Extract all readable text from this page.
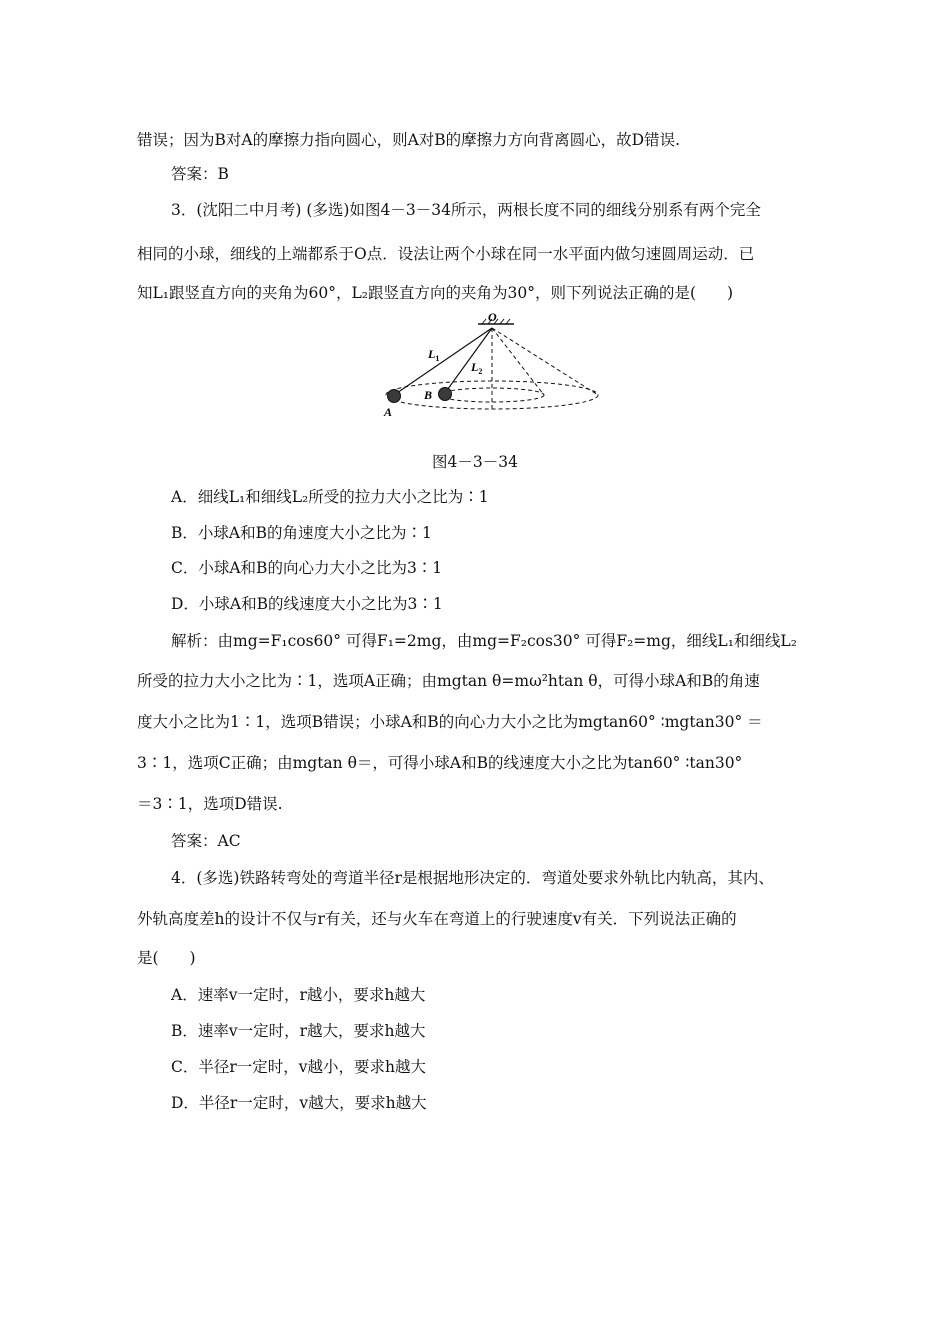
错误；因为B对A的摩擦力指向圆心，则A对B的摩擦力方向背离圆心，故D错误.
答案：B
3．(沈阳二中月考) (多选)如图4－3－34所示，两根长度不同的细线分别系有两个完全
相同的小球，细线的上端都系于O点．设法让两个小球在同一水平面内做匀速圆周运动．已
知L₁跟竖直方向的夹角为60°，L₂跟竖直方向的夹角为30°，则下列说法正确的是(　　)
O
$L_1$
$L_2$
A
B
图4－3－34
A．细线L₁和细线L₂所受的拉力大小之比为∶1
B．小球A和B的角速度大小之比为∶1
C．小球A和B的向心力大小之比为3∶1
D．小球A和B的线速度大小之比为3∶1
解析：由mg=F₁cos60° 可得F₁=2mg，由mg=F₂cos30° 可得F₂=mg，细线L₁和细线L₂
所受的拉力大小之比为∶1，选项A正确；由mgtan θ=mω²htan θ，可得小球A和B的角速
度大小之比为1∶1，选项B错误；小球A和B的向心力大小之比为mgtan60° ∶mgtan30° ＝
3∶1，选项C正确；由mgtan θ＝，可得小球A和B的线速度大小之比为tan60° ∶tan30°
＝3∶1，选项D错误.
答案：AC
4．(多选)铁路转弯处的弯道半径r是根据地形决定的．弯道处要求外轨比内轨高，其内、
外轨高度差h的设计不仅与r有关，还与火车在弯道上的行驶速度v有关．下列说法正确的
是(　　)
A．速率v一定时，r越小，要求h越大
B．速率v一定时，r越大，要求h越大
C．半径r一定时，v越小，要求h越大
D．半径r一定时，v越大，要求h越大
